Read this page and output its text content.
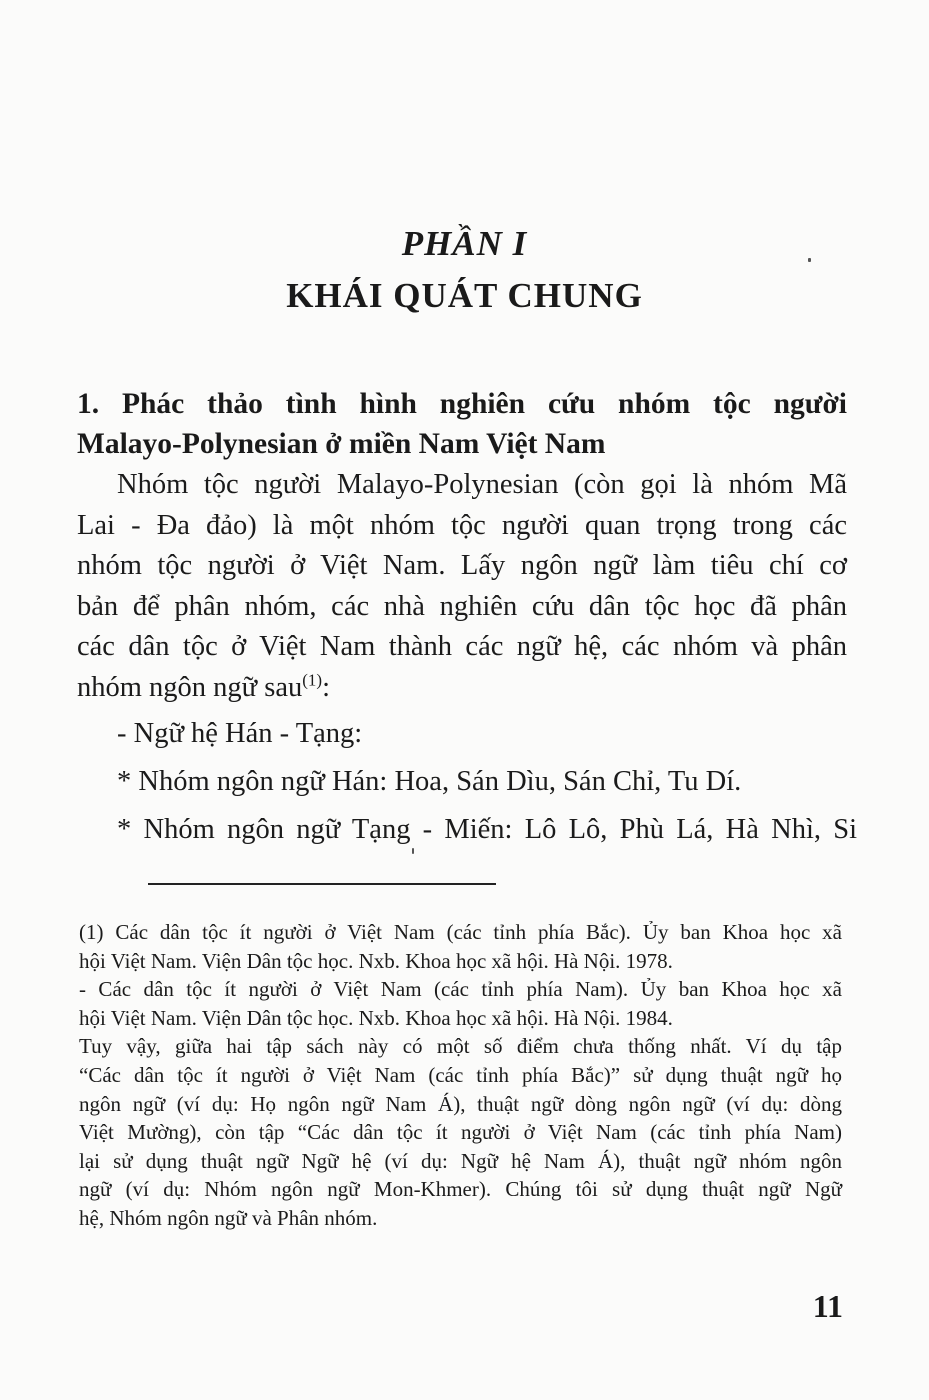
PHẦN I
KHÁI QUÁT CHUNG
1. Phác thảo tình hình nghiên cứu nhóm tộc người
Malayo-Polynesian ở miền Nam Việt Nam
Nhóm tộc người Malayo-Polynesian (còn gọi là nhóm Mã
Lai - Đa đảo) là một nhóm tộc người quan trọng trong các
nhóm tộc người ở Việt Nam. Lấy ngôn ngữ làm tiêu chí cơ
bản để phân nhóm, các nhà nghiên cứu dân tộc học đã phân
các dân tộc ở Việt Nam thành các ngữ hệ, các nhóm và phân
nhóm ngôn ngữ sau$^{(1)}$:
- Ngữ hệ Hán - Tạng:
* Nhóm ngôn ngữ Hán: Hoa, Sán Dìu, Sán Chỉ, Tu Dí.
* Nhóm ngôn ngữ Tạng - Miến: Lô Lô, Phù Lá, Hà Nhì, Si
(1) Các dân tộc ít người ở Việt Nam (các tỉnh phía Bắc). Ủy ban Khoa học xã
hội Việt Nam. Viện Dân tộc học. Nxb. Khoa học xã hội. Hà Nội. 1978.
- Các dân tộc ít người ở Việt Nam (các tỉnh phía Nam). Ủy ban Khoa học xã
hội Việt Nam. Viện Dân tộc học. Nxb. Khoa học xã hội. Hà Nội. 1984.
Tuy vậy, giữa hai tập sách này có một số điểm chưa thống nhất. Ví dụ tập
“Các dân tộc ít người ở Việt Nam (các tỉnh phía Bắc)” sử dụng thuật ngữ họ
ngôn ngữ (ví dụ: Họ ngôn ngữ Nam Á), thuật ngữ dòng ngôn ngữ (ví dụ: dòng
Việt Mường), còn tập “Các dân tộc ít người ở Việt Nam (các tỉnh phía Nam)
lại sử dụng thuật ngữ Ngữ hệ (ví dụ: Ngữ hệ Nam Á), thuật ngữ nhóm ngôn
ngữ (ví dụ: Nhóm ngôn ngữ Mon-Khmer). Chúng tôi sử dụng thuật ngữ Ngữ
hệ, Nhóm ngôn ngữ và Phân nhóm.
11
